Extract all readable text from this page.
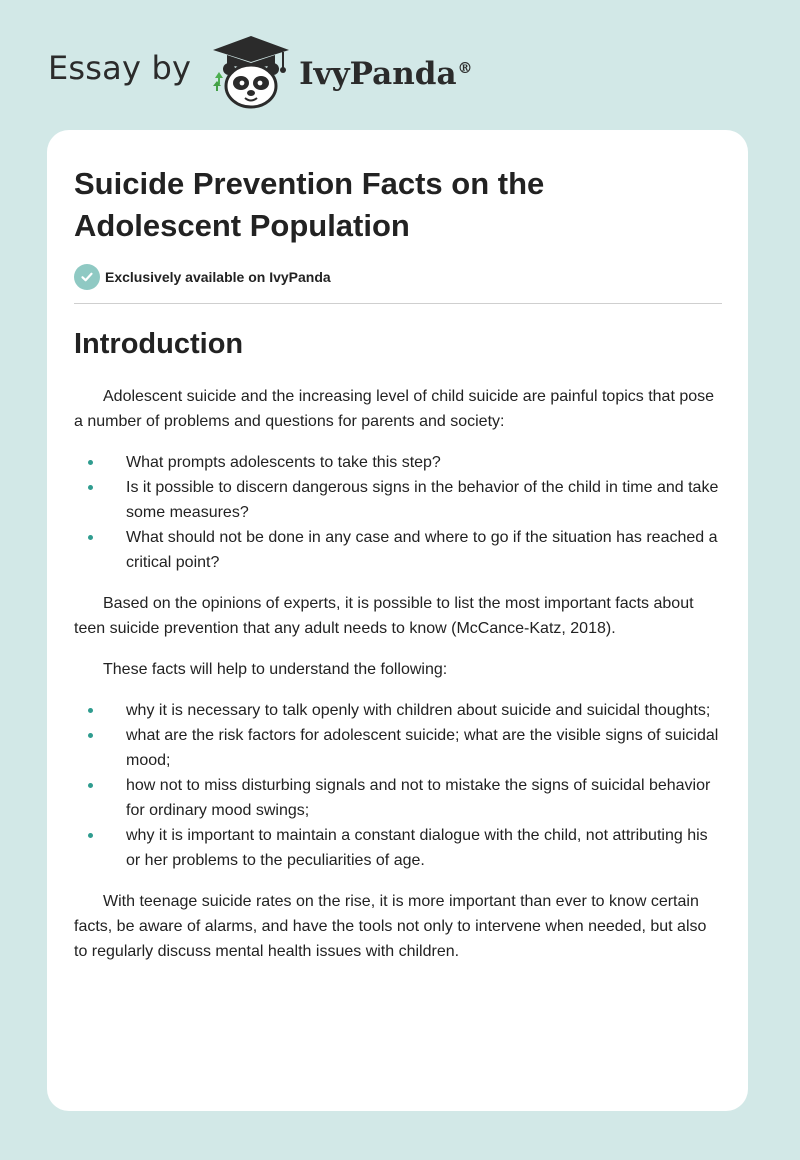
Essay by	IvyPanda®
Suicide Prevention Facts on the Adolescent Population
Exclusively available on IvyPanda
Introduction

Adolescent suicide and the increasing level of child suicide are painful topics that pose a number of problems and questions for parents and society:

What prompts adolescents to take this step?
Is it possible to discern dangerous signs in the behavior of the child in time and take some measures?
What should not be done in any case and where to go if the situation has reached a critical point?

Based on the opinions of experts, it is possible to list the most important facts about teen suicide prevention that any adult needs to know (McCance-Katz, 2018).

These facts will help to understand the following:

why it is necessary to talk openly with children about suicide and suicidal thoughts;
what are the risk factors for adolescent suicide; what are the visible signs of suicidal mood;
how not to miss disturbing signals and not to mistake the signs of suicidal behavior for ordinary mood swings;
why it is important to maintain a constant dialogue with the child, not attributing his or her problems to the peculiarities of age.

With teenage suicide rates on the rise, it is more important than ever to know certain facts, be aware of alarms, and have the tools not only to intervene when needed, but also to regularly discuss mental health issues with children.
